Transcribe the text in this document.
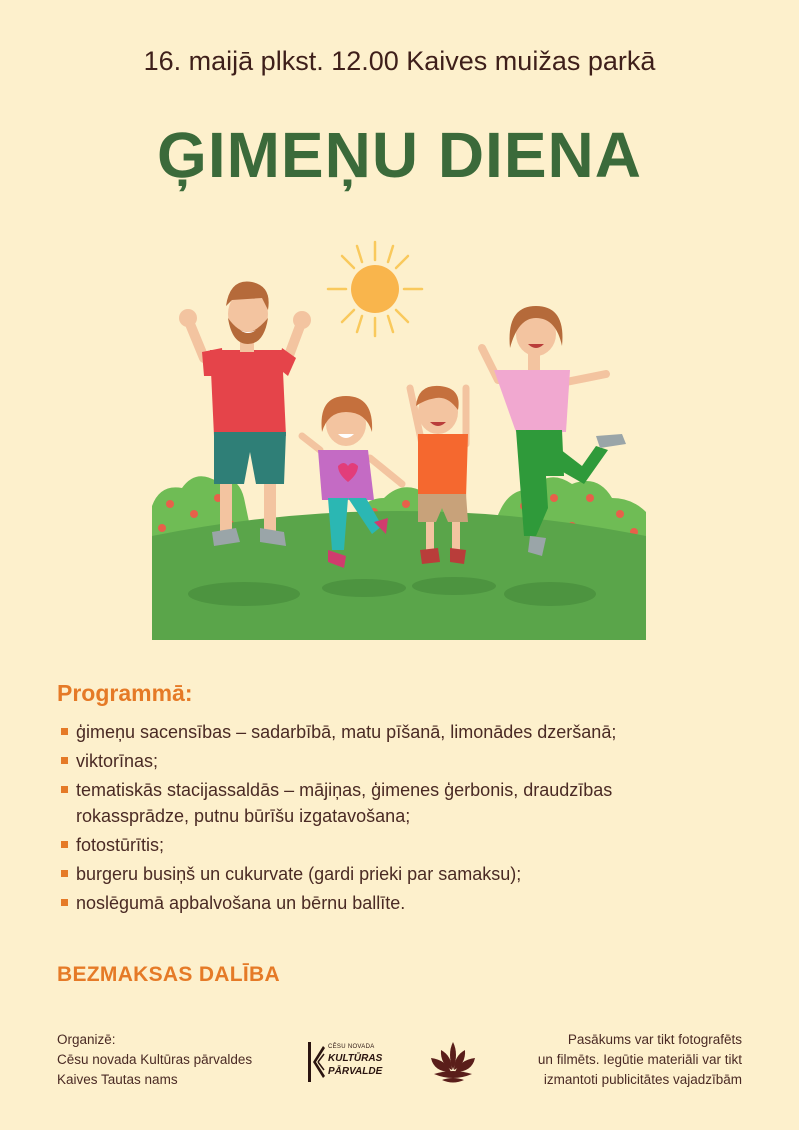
16. maijā plkst. 12.00 Kaives muižas parkā
ĢIMEŅU DIENA
Programmā:
ģimeņu sacensības – sadarbībā, matu pīšanā, limonādes dzeršanā;
viktorīnas;
tematiskās stacijassaldās – mājiņas, ģimenes ģerbonis, draudzības rokassprādze, putnu būrīšu izgatavošana;
fotostūrītis;
burgeru busiņš un cukurvate (gardi prieki par samaksu);
noslēgumā apbalvošana un bērnu ballīte.
BEZMAKSAS DALĪBA
Organizē:
Cēsu novada Kultūras pārvaldes
Kaives Tautas nams
CĒSU NOVADA
KULTŪRAS
PĀRVALDE
Pasākums var tikt fotografēts
un filmēts. Iegūtie materiāli var tikt
izmantoti publicitātes vajadzībām
